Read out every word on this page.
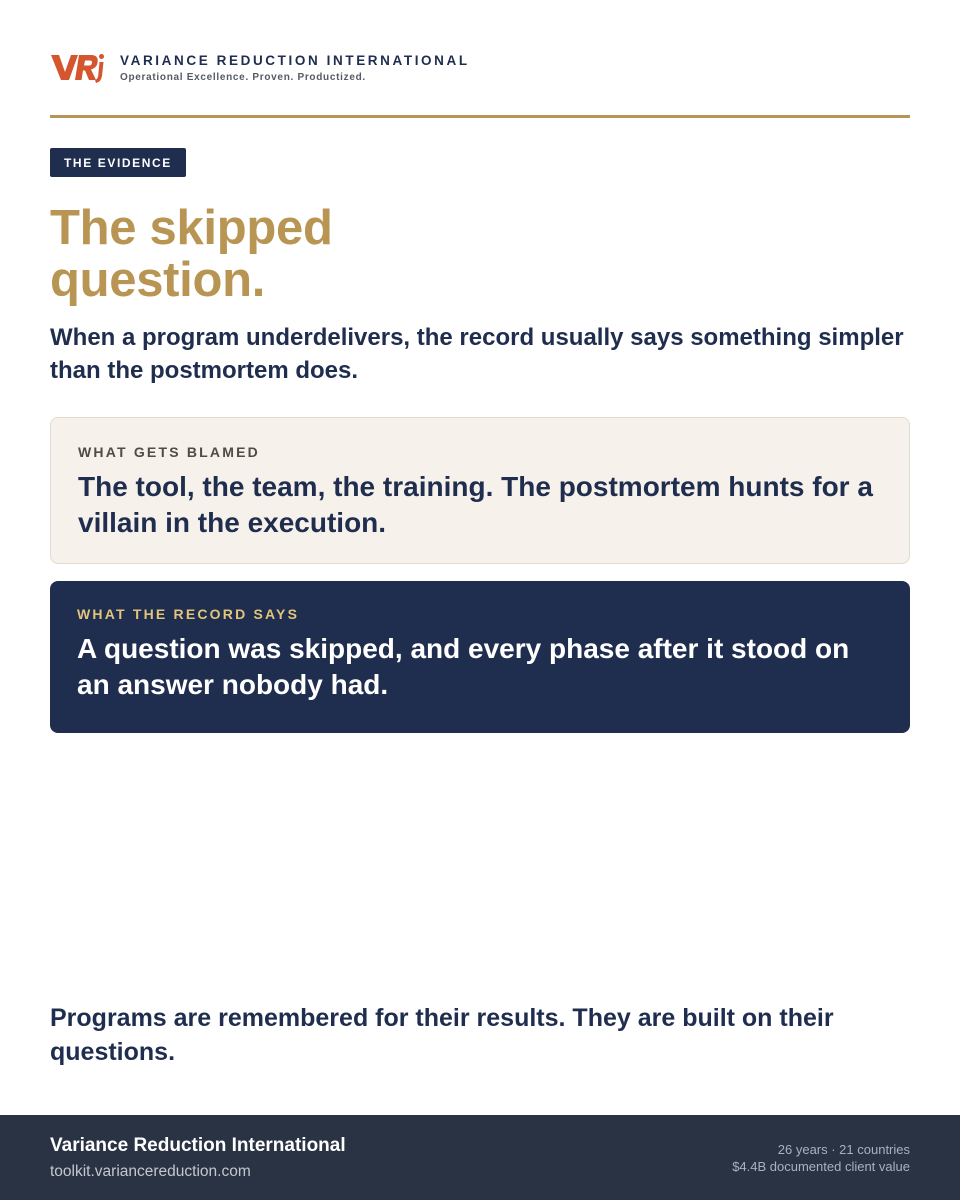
VARIANCE REDUCTION INTERNATIONAL
Operational Excellence. Proven. Productized.
THE EVIDENCE
The skipped
question.

When a program underdelivers, the record usually says something simpler than the postmortem does.

WHAT GETS BLAMED
The tool, the team, the training. The postmortem hunts for a villain in the execution.
WHAT THE RECORD SAYS
A question was skipped, and every phase after it stood on an answer nobody had.

Programs are remembered for their results. They are built on their questions.

Variance Reduction International
toolkit.variancereduction.com
26 years · 21 countries
$4.4B documented client value
